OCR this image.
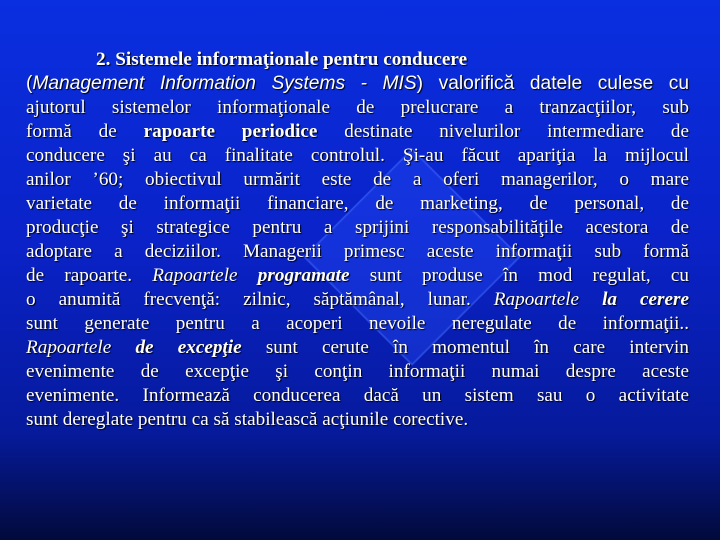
2. Sistemele informaţionale pentru conducere
(Management Information Systems - MIS) valorifică datele culese cu
ajutorul sistemelor informaţionale de prelucrare a tranzacţiilor, sub
formă de rapoarte periodice destinate nivelurilor intermediare de
conducere şi au ca finalitate controlul. Şi-au făcut apariţia la mijlocul
anilor ’60; obiectivul urmărit este de a oferi managerilor, o mare
varietate de informaţii financiare, de marketing, de personal, de
producţie şi strategice pentru a sprijini responsabilităţile acestora de
adoptare a deciziilor. Managerii primesc aceste informaţii sub formă
de rapoarte. Rapoartele programate sunt produse în mod regulat, cu
o anumită frecvenţă: zilnic, săptămânal, lunar. Rapoartele la cerere
sunt generate pentru a acoperi nevoile neregulate de informaţii..
Rapoartele de excepţie sunt cerute în momentul în care intervin
evenimente de excepţie şi conţin informaţii numai despre aceste
evenimente. Informează conducerea dacă un sistem sau o activitate
sunt dereglate pentru ca să stabilească acţiunile corective.
